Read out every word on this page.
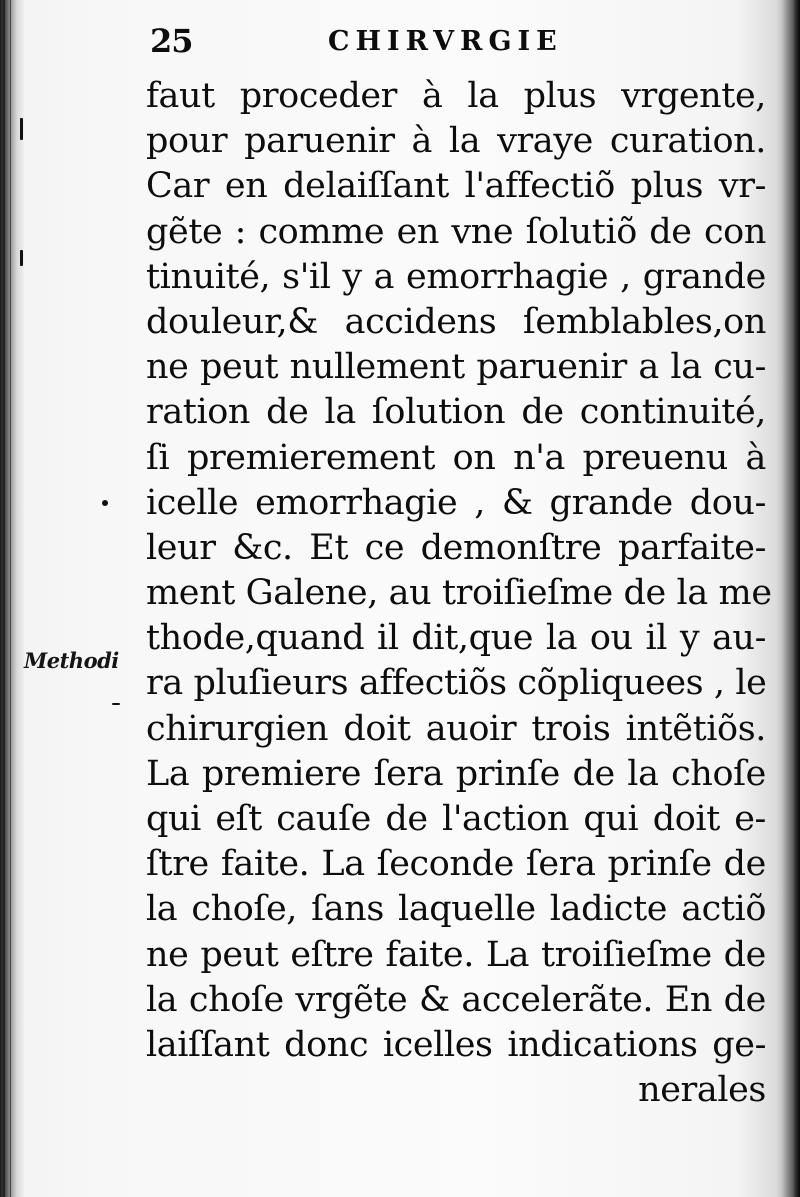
25	CHIRVRGIE
Methodi
faut proceder à la plus vrgente,
pour paruenir à la vraye curation.
Car en delaiſſant l'affectiõ plus vr-
gẽte : comme en vne ſolutiõ de con
tinuité, s'il y a emorrhagie , grande
douleur,& accidens ſemblables,on
ne peut nullement paruenir a la cu-
ration de la ſolution de continuité,
ſi premierement on n'a preuenu à
icelle emorrhagie , & grande dou-
leur &c. Et ce demonſtre parfaite-
ment Galene, au troiſieſme de la me
thode,quand il dit,que la ou il y au-
ra pluſieurs affectiõs cõpliquees , le
chirurgien doit auoir trois intẽtiõs.
La premiere ſera prinſe de la choſe
qui eſt cauſe de l'action qui doit e-
ſtre faite. La ſeconde ſera prinſe de
la choſe, ſans laquelle ladicte actiõ
ne peut eſtre faite. La troiſieſme de
la choſe vrgẽte & accelerãte. En de
laiſſant donc icelles indications ge-
nerales
